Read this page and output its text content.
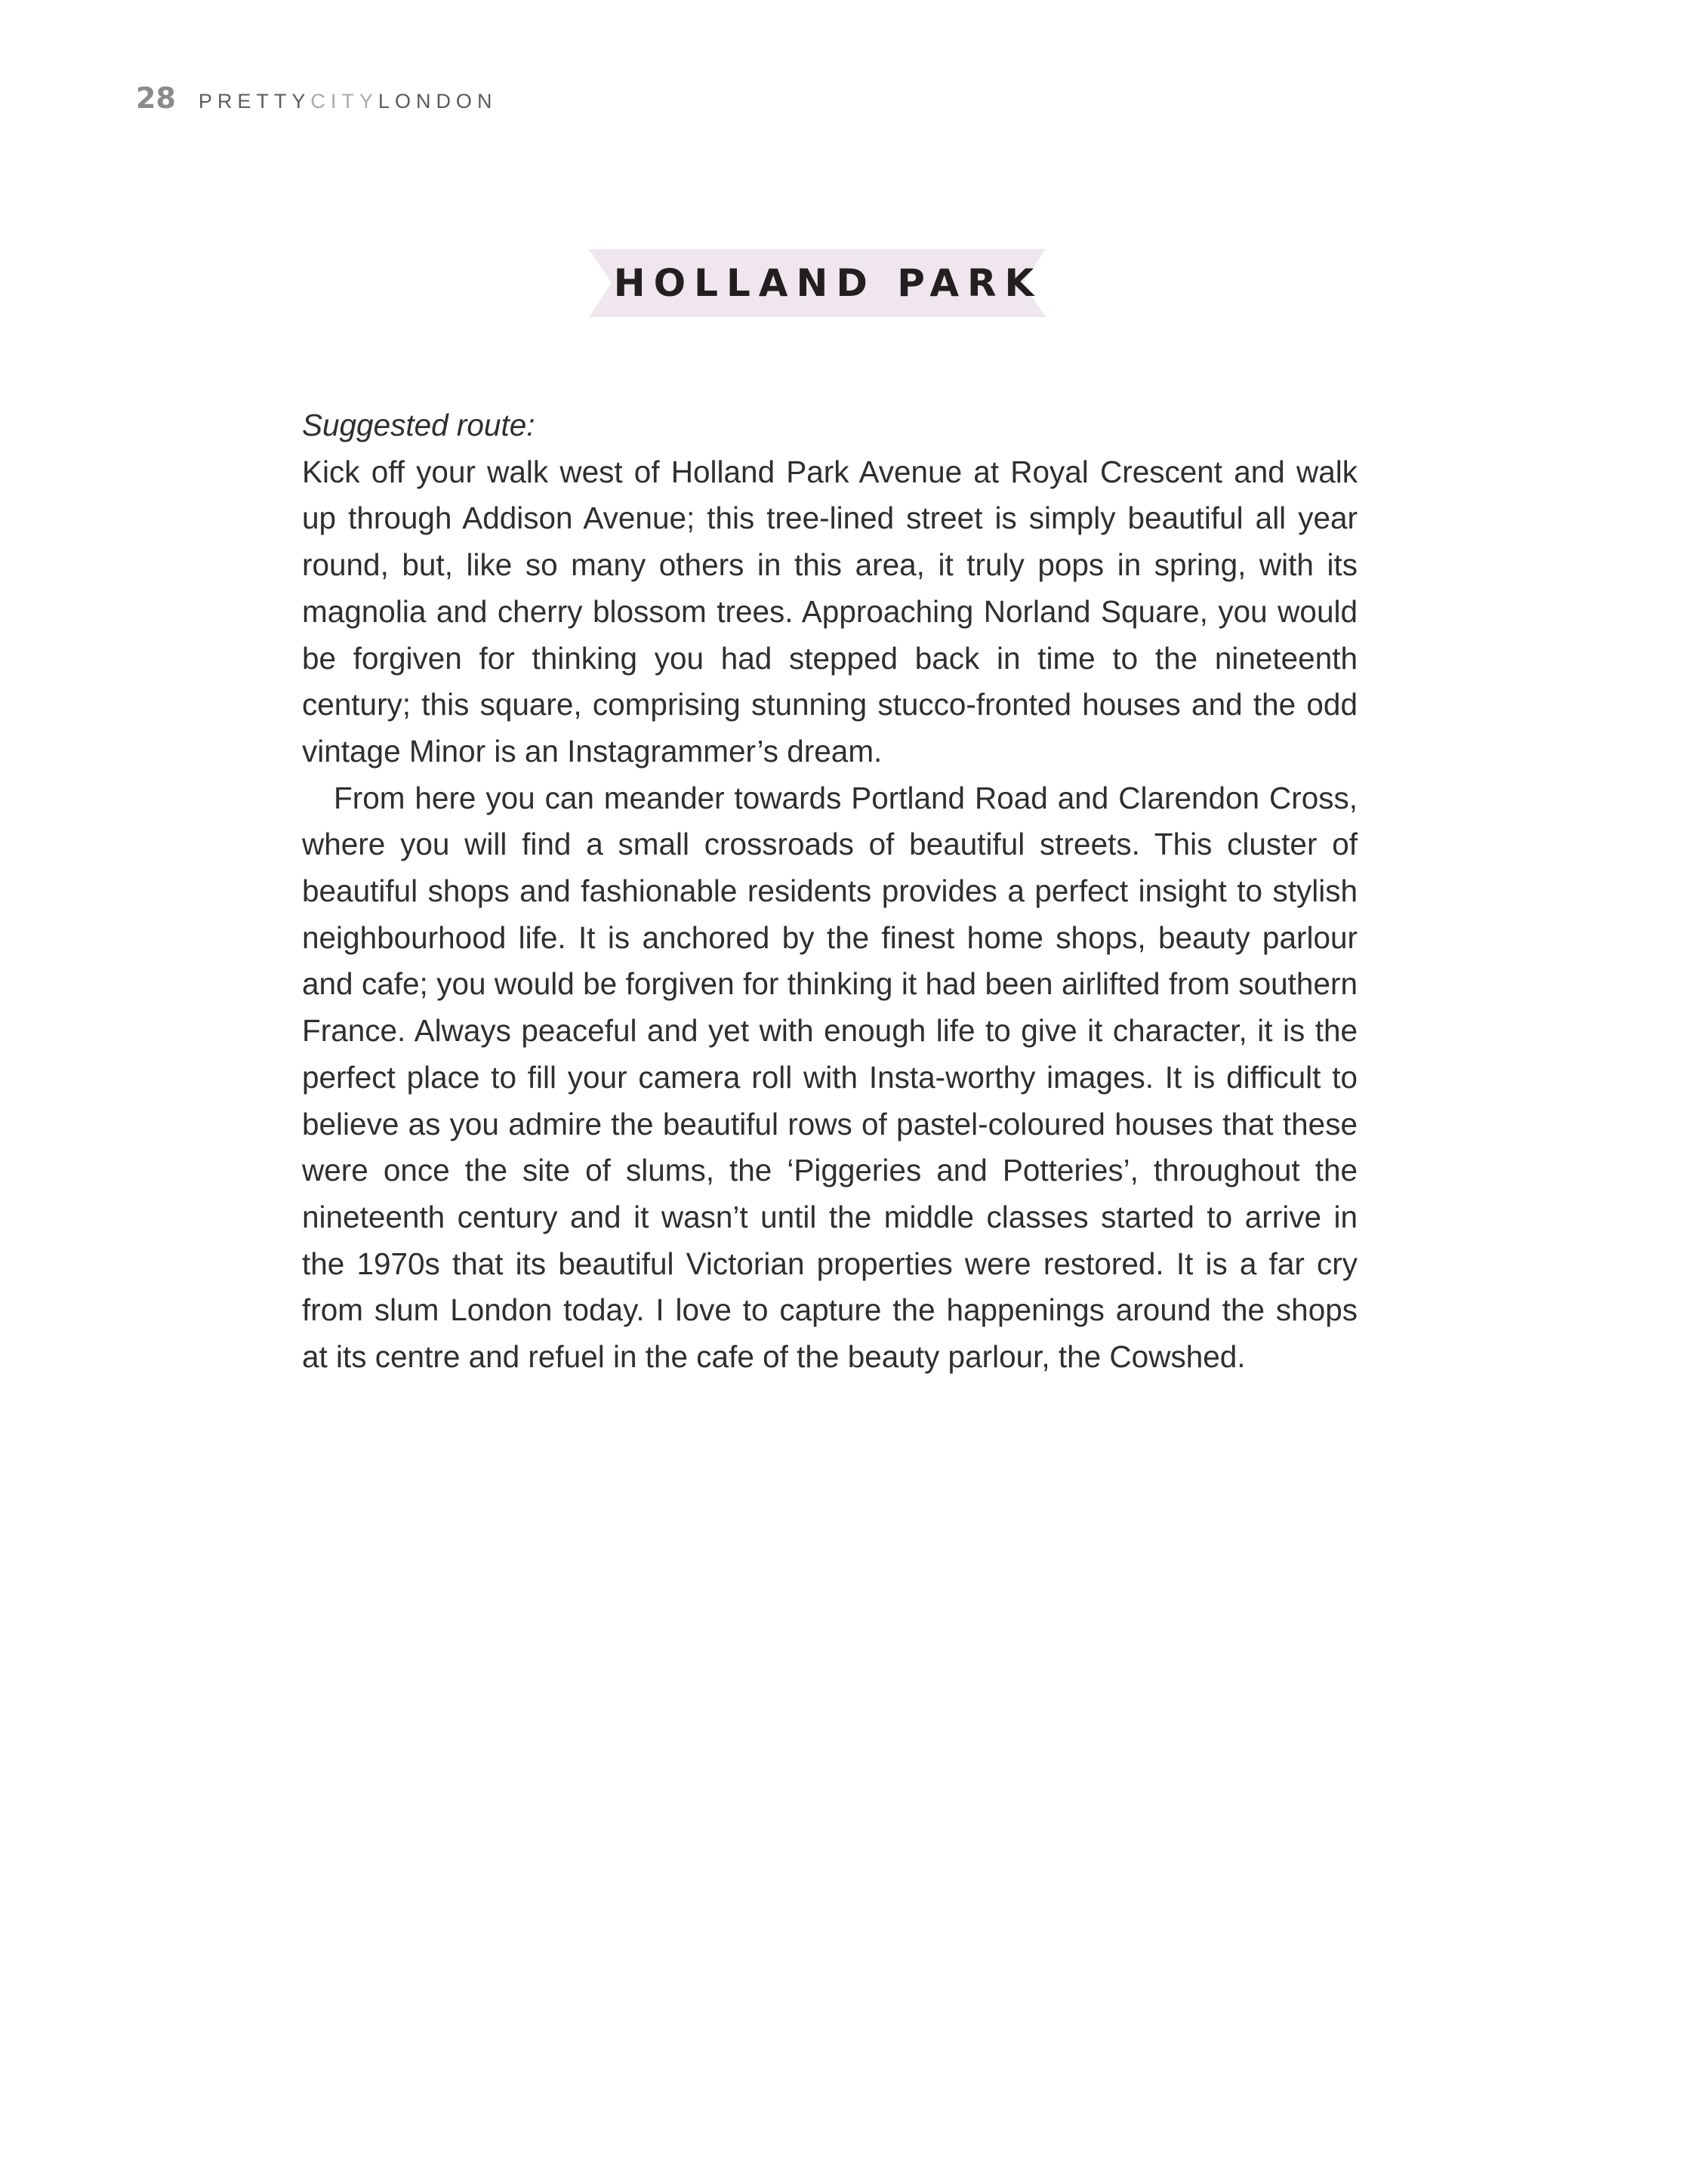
28 PRETTYCITYLONDON
HOLLAND PARK

Suggested route:

Kick off your walk west of Holland Park Avenue at Royal Crescent and walk up through Addison Avenue; this tree-lined street is simply beautiful all year round, but, like so many others in this area, it truly pops in spring, with its magnolia and cherry blossom trees. Approaching Norland Square, you would be forgiven for thinking you had stepped back in time to the nineteenth century; this square, comprising stunning stucco-fronted houses and the odd vintage Minor is an Instagrammer’s dream.

From here you can meander towards Portland Road and Clarendon Cross, where you will find a small crossroads of beautiful streets. This cluster of beautiful shops and fashionable residents provides a perfect insight to stylish neighbourhood life. It is anchored by the finest home shops, beauty parlour and cafe; you would be forgiven for thinking it had been airlifted from southern France. Always peaceful and yet with enough life to give it character, it is the perfect place to fill your camera roll with Insta-worthy images. It is difficult to believe as you admire the beautiful rows of pastel-coloured houses that these were once the site of slums, the ‘Piggeries and Potteries’, throughout the nineteenth century and it wasn’t until the middle classes started to arrive in the 1970s that its beautiful Victorian properties were restored. It is a far cry from slum London today. I love to capture the happenings around the shops at its centre and refuel in the cafe of the beauty parlour, the Cowshed.
